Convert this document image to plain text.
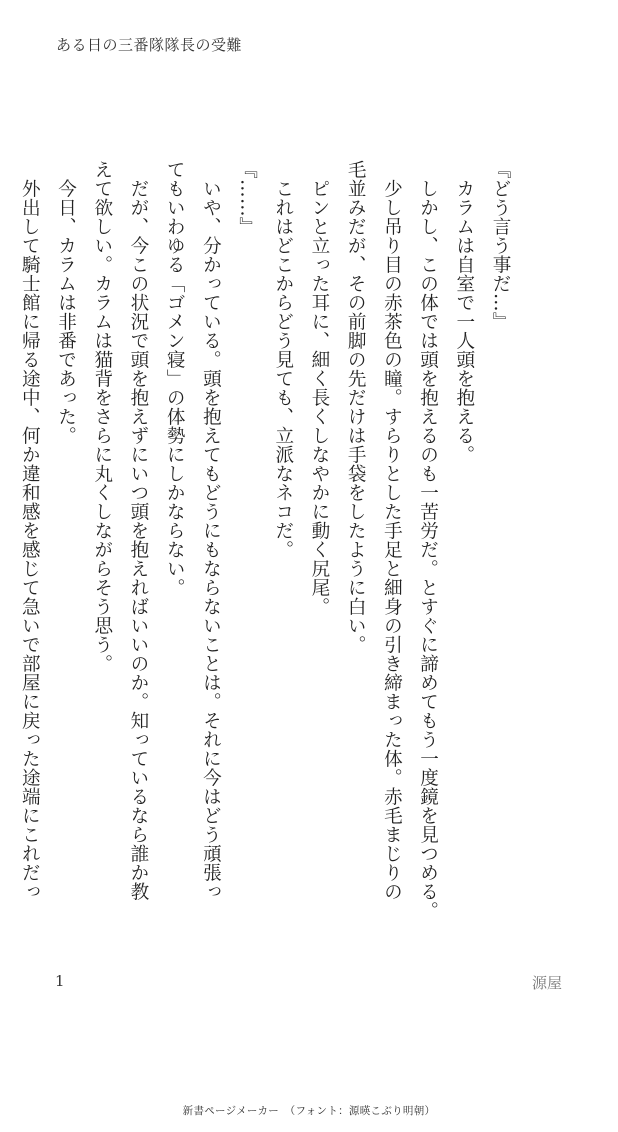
ある日の三番隊隊長の受難
『どう言う事だ…』
　カラムは自室で一人頭を抱える。
　しかし、この体では頭を抱えるのも一苦労だ。とすぐに諦めてもう一度鏡を見つめる。
　少し吊り目の赤茶色の瞳。すらりとした手足と細身の引き締まった体。赤毛まじりの
毛並みだが、その前脚の先だけは手袋をしたように白い。
　ピンと立った耳に、細く長くしなやかに動く尻尾。
　これはどこからどう見ても、立派なネコだ。
『……』
　いや、分かっている。頭を抱えてもどうにもならないことは。それに今はどう頑張っ
てもいわゆる「ゴメン寝」の体勢にしかならない。
　だが、今この状況で頭を抱えずにいつ頭を抱えればいいのか。知っているなら誰か教
えて欲しい。カラムは猫背をさらに丸くしながらそう思う。
　今日、カラムは非番であった。
　外出して騎士館に帰る途中、何か違和感を感じて急いで部屋に戻った途端にこれだっ
1	源屋
新書ページメーカー　（フォント：源暎こぶり明朝）
